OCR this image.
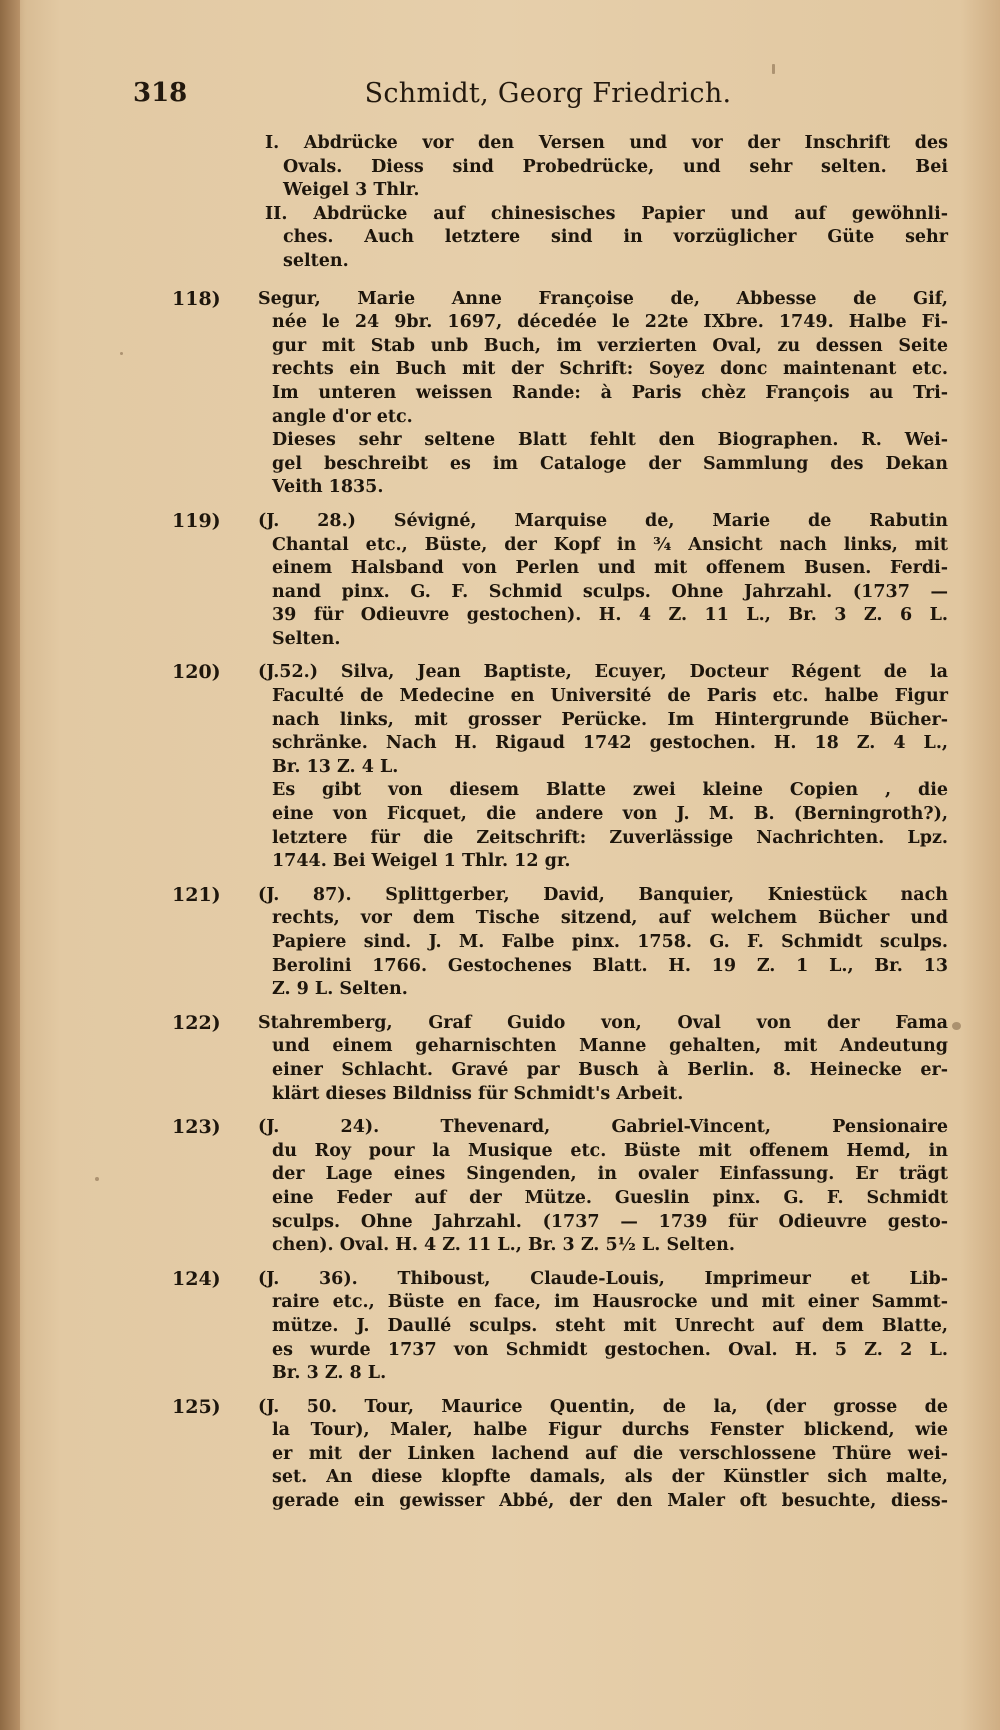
318	Schmidt, Georg Friedrich.
I. Abdrücke vor den Versen und vor der Inschrift des
Ovals. Diess sind Probedrücke, und sehr selten. Bei
Weigel 3 Thlr.
II. Abdrücke auf chinesisches Papier und auf gewöhnli-
ches. Auch letztere sind in vorzüglicher Güte sehr
selten.
118) Segur, Marie Anne Françoise de, Abbesse de Gif,
née le 24 9br. 1697, décedée le 22te IXbre. 1749. Halbe Fi-
gur mit Stab unb Buch, im verzierten Oval, zu dessen Seite
rechts ein Buch mit der Schrift: Soyez donc maintenant etc.
Im unteren weissen Rande: à Paris chèz François au Tri-
angle d'or etc.
Dieses sehr seltene Blatt fehlt den Biographen. R. Wei-
gel beschreibt es im Cataloge der Sammlung des Dekan
Veith 1835.
119) (J. 28.) Sévigné, Marquise de, Marie de Rabutin
Chantal etc., Büste, der Kopf in ¾ Ansicht nach links, mit
einem Halsband von Perlen und mit offenem Busen. Ferdi-
nand pinx. G. F. Schmid sculps. Ohne Jahrzahl. (1737 —
39 für Odieuvre gestochen). H. 4 Z. 11 L., Br. 3 Z. 6 L.
Selten.
120) (J.52.) Silva, Jean Baptiste, Ecuyer, Docteur Régent de la
Faculté de Medecine en Université de Paris etc. halbe Figur
nach links, mit grosser Perücke. Im Hintergrunde Bücher-
schränke. Nach H. Rigaud 1742 gestochen. H. 18 Z. 4 L.,
Br. 13 Z. 4 L.
Es gibt von diesem Blatte zwei kleine Copien , die
eine von Ficquet, die andere von J. M. B. (Berningroth?),
letztere für die Zeitschrift: Zuverlässige Nachrichten. Lpz.
1744. Bei Weigel 1 Thlr. 12 gr.
121) (J. 87). Splittgerber, David, Banquier, Kniestück nach
rechts, vor dem Tische sitzend, auf welchem Bücher und
Papiere sind. J. M. Falbe pinx. 1758. G. F. Schmidt sculps.
Berolini 1766. Gestochenes Blatt. H. 19 Z. 1 L., Br. 13
Z. 9 L. Selten.
122) Stahremberg, Graf Guido von, Oval von der Fama
und einem geharnischten Manne gehalten, mit Andeutung
einer Schlacht. Gravé par Busch à Berlin. 8. Heinecke er-
klärt dieses Bildniss für Schmidt's Arbeit.
123) (J. 24). Thevenard, Gabriel-Vincent, Pensionaire
du Roy pour la Musique etc. Büste mit offenem Hemd, in
der Lage eines Singenden, in ovaler Einfassung. Er trägt
eine Feder auf der Mütze. Gueslin pinx. G. F. Schmidt
sculps. Ohne Jahrzahl. (1737 — 1739 für Odieuvre gesto-
chen). Oval. H. 4 Z. 11 L., Br. 3 Z. 5½ L. Selten.
124) (J. 36). Thiboust, Claude-Louis, Imprimeur et Lib-
raire etc., Büste en face, im Hausrocke und mit einer Sammt-
mütze. J. Daullé sculps. steht mit Unrecht auf dem Blatte,
es wurde 1737 von Schmidt gestochen. Oval. H. 5 Z. 2 L.
Br. 3 Z. 8 L.
125) (J. 50. Tour, Maurice Quentin, de la, (der grosse de
la Tour), Maler, halbe Figur durchs Fenster blickend, wie
er mit der Linken lachend auf die verschlossene Thüre wei-
set. An diese klopfte damals, als der Künstler sich malte,
gerade ein gewisser Abbé, der den Maler oft besuchte, diess-
